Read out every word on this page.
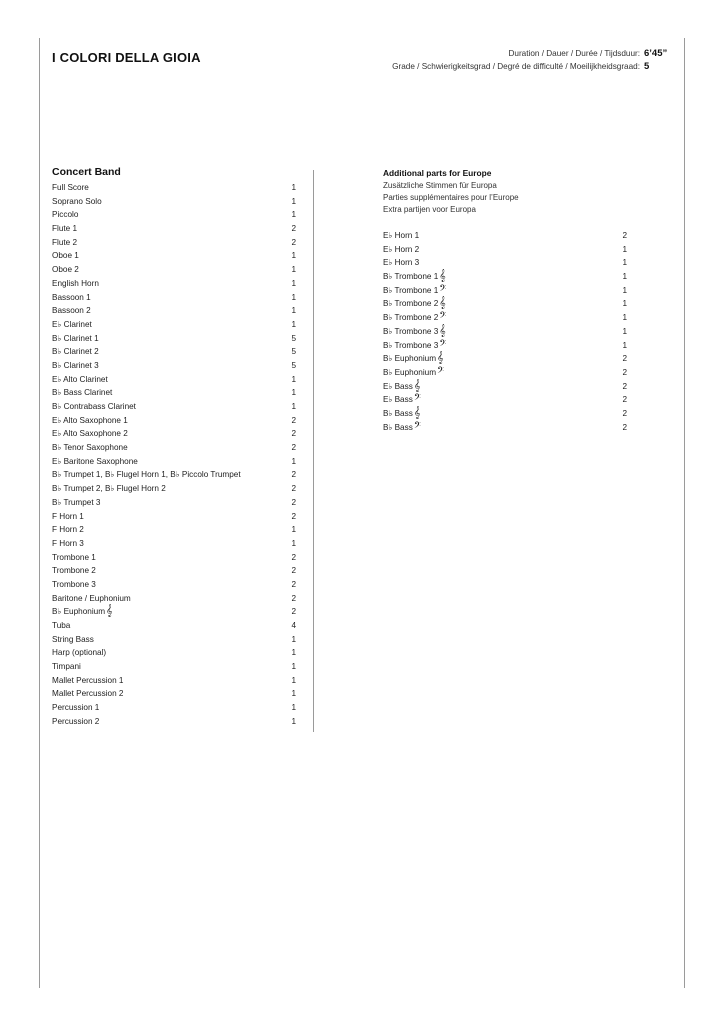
I COLORI DELLA GIOIA	Duration / Dauer / Durée / Tijdsduur: 6’45”
Grade / Schwierigkeitsgrad / Degré de difficulté / Moeilijkheidsgraad: 5
Concert Band
Full Score	1
Soprano Solo	1
Piccolo	1
Flute 1	2
Flute 2	2
Oboe 1	1
Oboe 2	1
English Horn	1
Bassoon 1	1
Bassoon 2	1
E♭ Clarinet	1
B♭ Clarinet 1	5
B♭ Clarinet 2	5
B♭ Clarinet 3	5
E♭ Alto Clarinet	1
B♭ Bass Clarinet	1
B♭ Contrabass Clarinet	1
E♭ Alto Saxophone 1	2
E♭ Alto Saxophone 2	2
B♭ Tenor Saxophone	2
E♭ Baritone Saxophone	1
B♭ Trumpet 1, B♭ Flugel Horn 1, B♭ Piccolo Trumpet	2
B♭ Trumpet 2, B♭ Flugel Horn 2	2
B♭ Trumpet 3	2
F Horn 1	2
F Horn 2	1
F Horn 3	1
Trombone 1	2
Trombone 2	2
Trombone 3	2
Baritone / Euphonium	2
B♭ Euphonium𝄞	2
Tuba	4
String Bass	1
Harp (optional)	1
Timpani	1
Mallet Percussion 1	1
Mallet Percussion 2	1
Percussion 1	1
Percussion 2	1
Additional parts for Europe
Zusätzliche Stimmen für Europa
Parties supplémentaires pour l’Europe
Extra partijen voor Europa
E♭ Horn 1	2
E♭ Horn 2	1
E♭ Horn 3	1
B♭ Trombone 1𝄞	1
B♭ Trombone 1𝄢	1
B♭ Trombone 2𝄞	1
B♭ Trombone 2𝄢	1
B♭ Trombone 3𝄞	1
B♭ Trombone 3𝄢	1
B♭ Euphonium𝄞	2
B♭ Euphonium𝄢	2
E♭ Bass𝄞	2
E♭ Bass𝄢	2
B♭ Bass𝄞	2
B♭ Bass𝄢	2
